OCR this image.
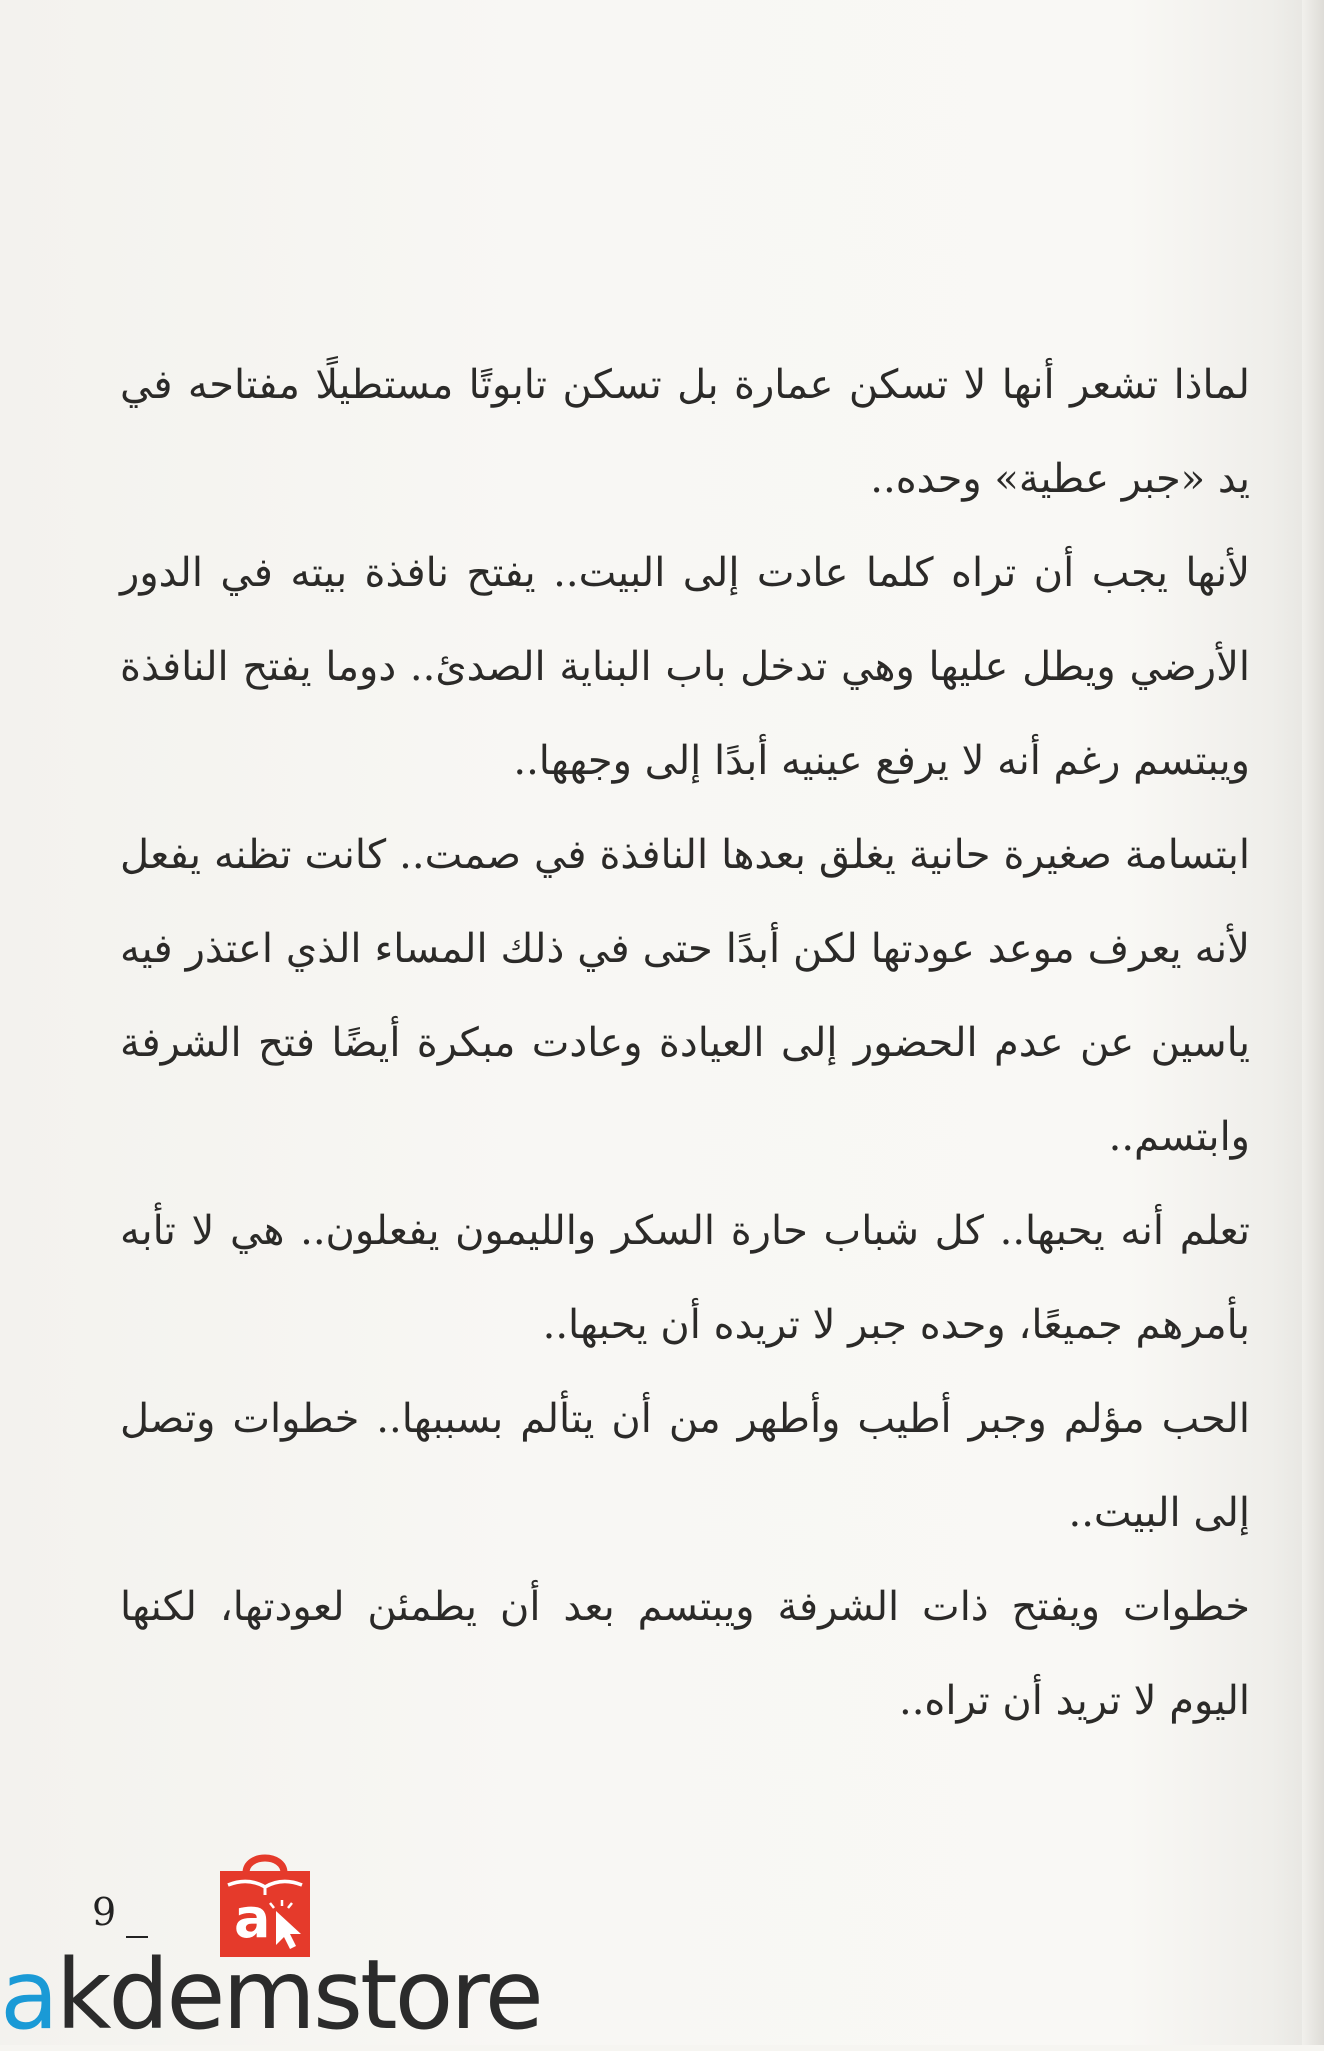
لماذا تشعر أنها لا تسكن عمارة بل تسكن تابوتًا مستطيلًا مفتاحه في يد «جبر عطية» وحده..

لأنها يجب أن تراه كلما عادت إلى البيت.. يفتح نافذة بيته في الدور الأرضي ويطل عليها وهي تدخل باب البناية الصدئ.. دوما يفتح النافذة ويبتسم رغم أنه لا يرفع عينيه أبدًا إلى وجهها..

ابتسامة صغيرة حانية يغلق بعدها النافذة في صمت.. كانت تظنه يفعل لأنه يعرف موعد عودتها لكن أبدًا حتى في ذلك المساء الذي اعتذر فيه ياسين عن عدم الحضور إلى العيادة وعادت مبكرة أيضًا فتح الشرفة وابتسم..

تعلم أنه يحبها.. كل شباب حارة السكر والليمون يفعلون.. هي لا تأبه بأمرهم جميعًا، وحده جبر لا تريده أن يحبها..

الحب مؤلم وجبر أطيب وأطهر من أن يتألم بسببها.. خطوات وتصل إلى البيت..

خطوات ويفتح ذات الشرفة ويبتسم بعد أن يطمئن لعودتها، لكنها اليوم لا تريد أن تراه..

9 a
akdemstore
